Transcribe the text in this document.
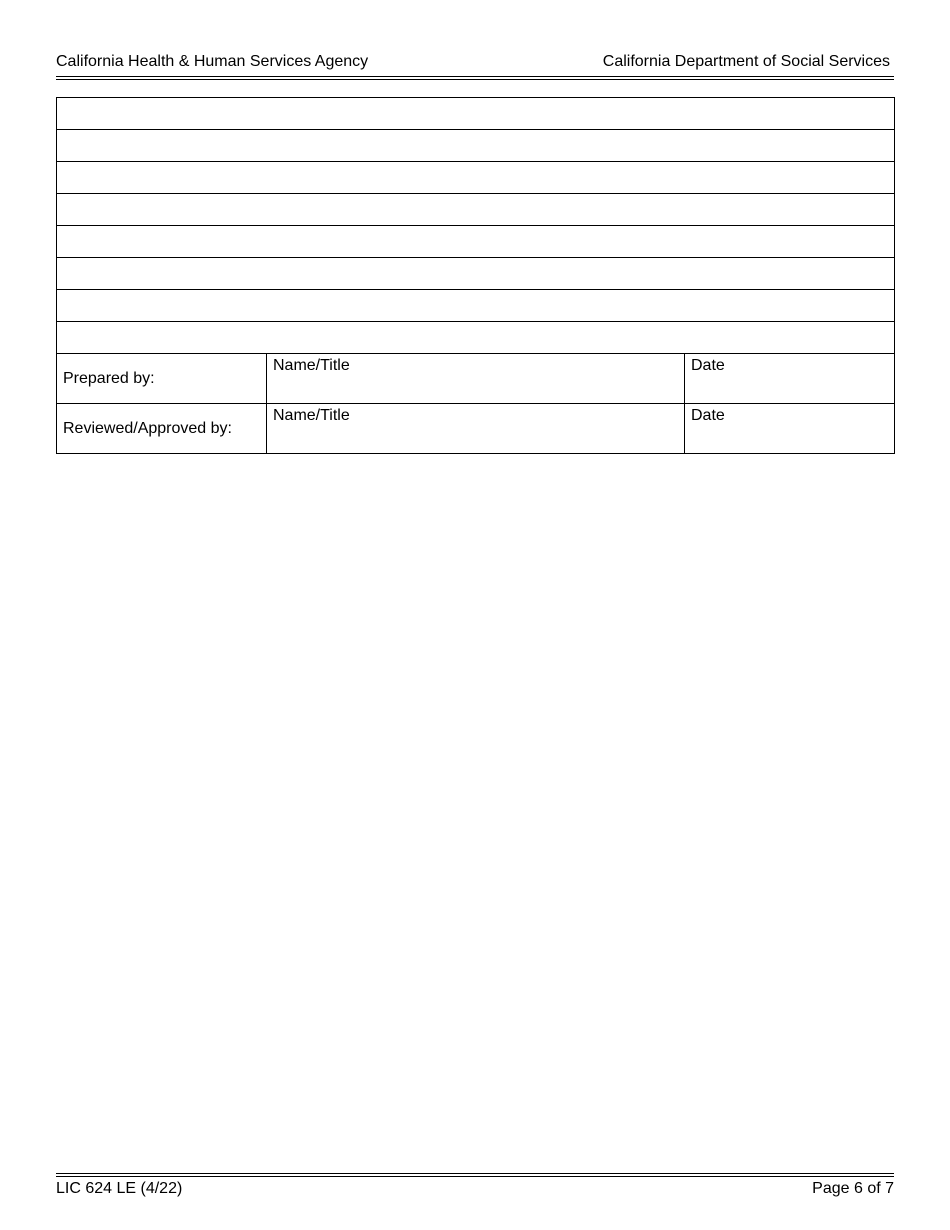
California Health & Human Services Agency	California Department of Social Services

Prepared by:	Name/Title	Date
Reviewed/Approved by:	Name/Title	Date
LIC 624 LE (4/22)	Page 6 of 7
